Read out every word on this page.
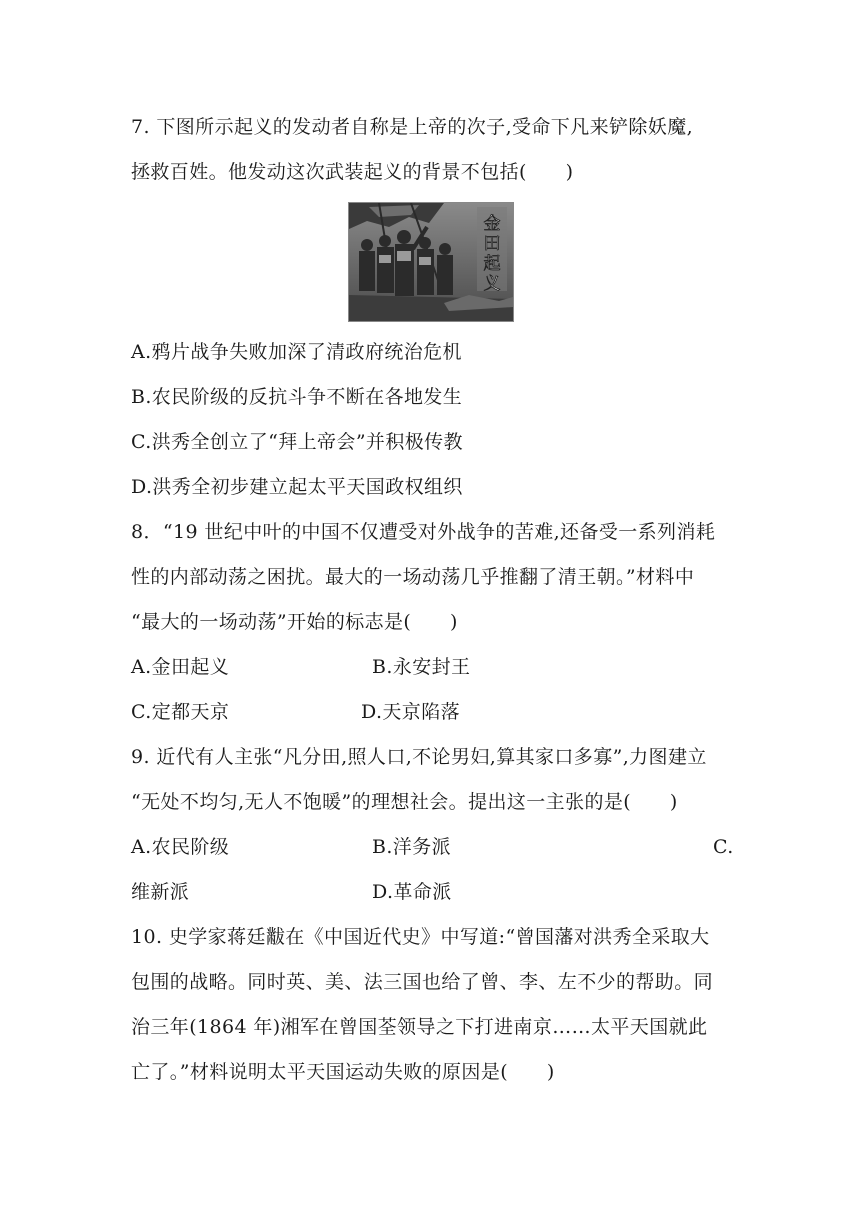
7. 下图所示起义的发动者自称是上帝的次子,受命下凡来铲除妖魔,
拯救百姓。他发动这次武装起义的背景不包括(　　)
金
田
起
义
A.鸦片战争失败加深了清政府统治危机
B.农民阶级的反抗斗争不断在各地发生
C.洪秀全创立了“拜上帝会”并积极传教
D.洪秀全初步建立起太平天国政权组织
8．“19 世纪中叶的中国不仅遭受对外战争的苦难,还备受一系列消耗
性的内部动荡之困扰。最大的一场动荡几乎推翻了清王朝。”材料中
“最大的一场动荡”开始的标志是(　　)
A.金田起义	B.永安封王
C.定都天京	D.天京陷落
9. 近代有人主张“凡分田,照人口,不论男妇,算其家口多寡”,力图建立
“无处不均匀,无人不饱暖”的理想社会。提出这一主张的是(　　)
A.农民阶级	B.洋务派	C.
维新派	D.革命派
10. 史学家蒋廷黻在《中国近代史》中写道:“曾国藩对洪秀全采取大
包围的战略。同时英、美、法三国也给了曾、李、左不少的帮助。同
治三年(1864 年)湘军在曾国荃领导之下打进南京……太平天国就此
亡了。”材料说明太平天国运动失败的原因是(　　)
